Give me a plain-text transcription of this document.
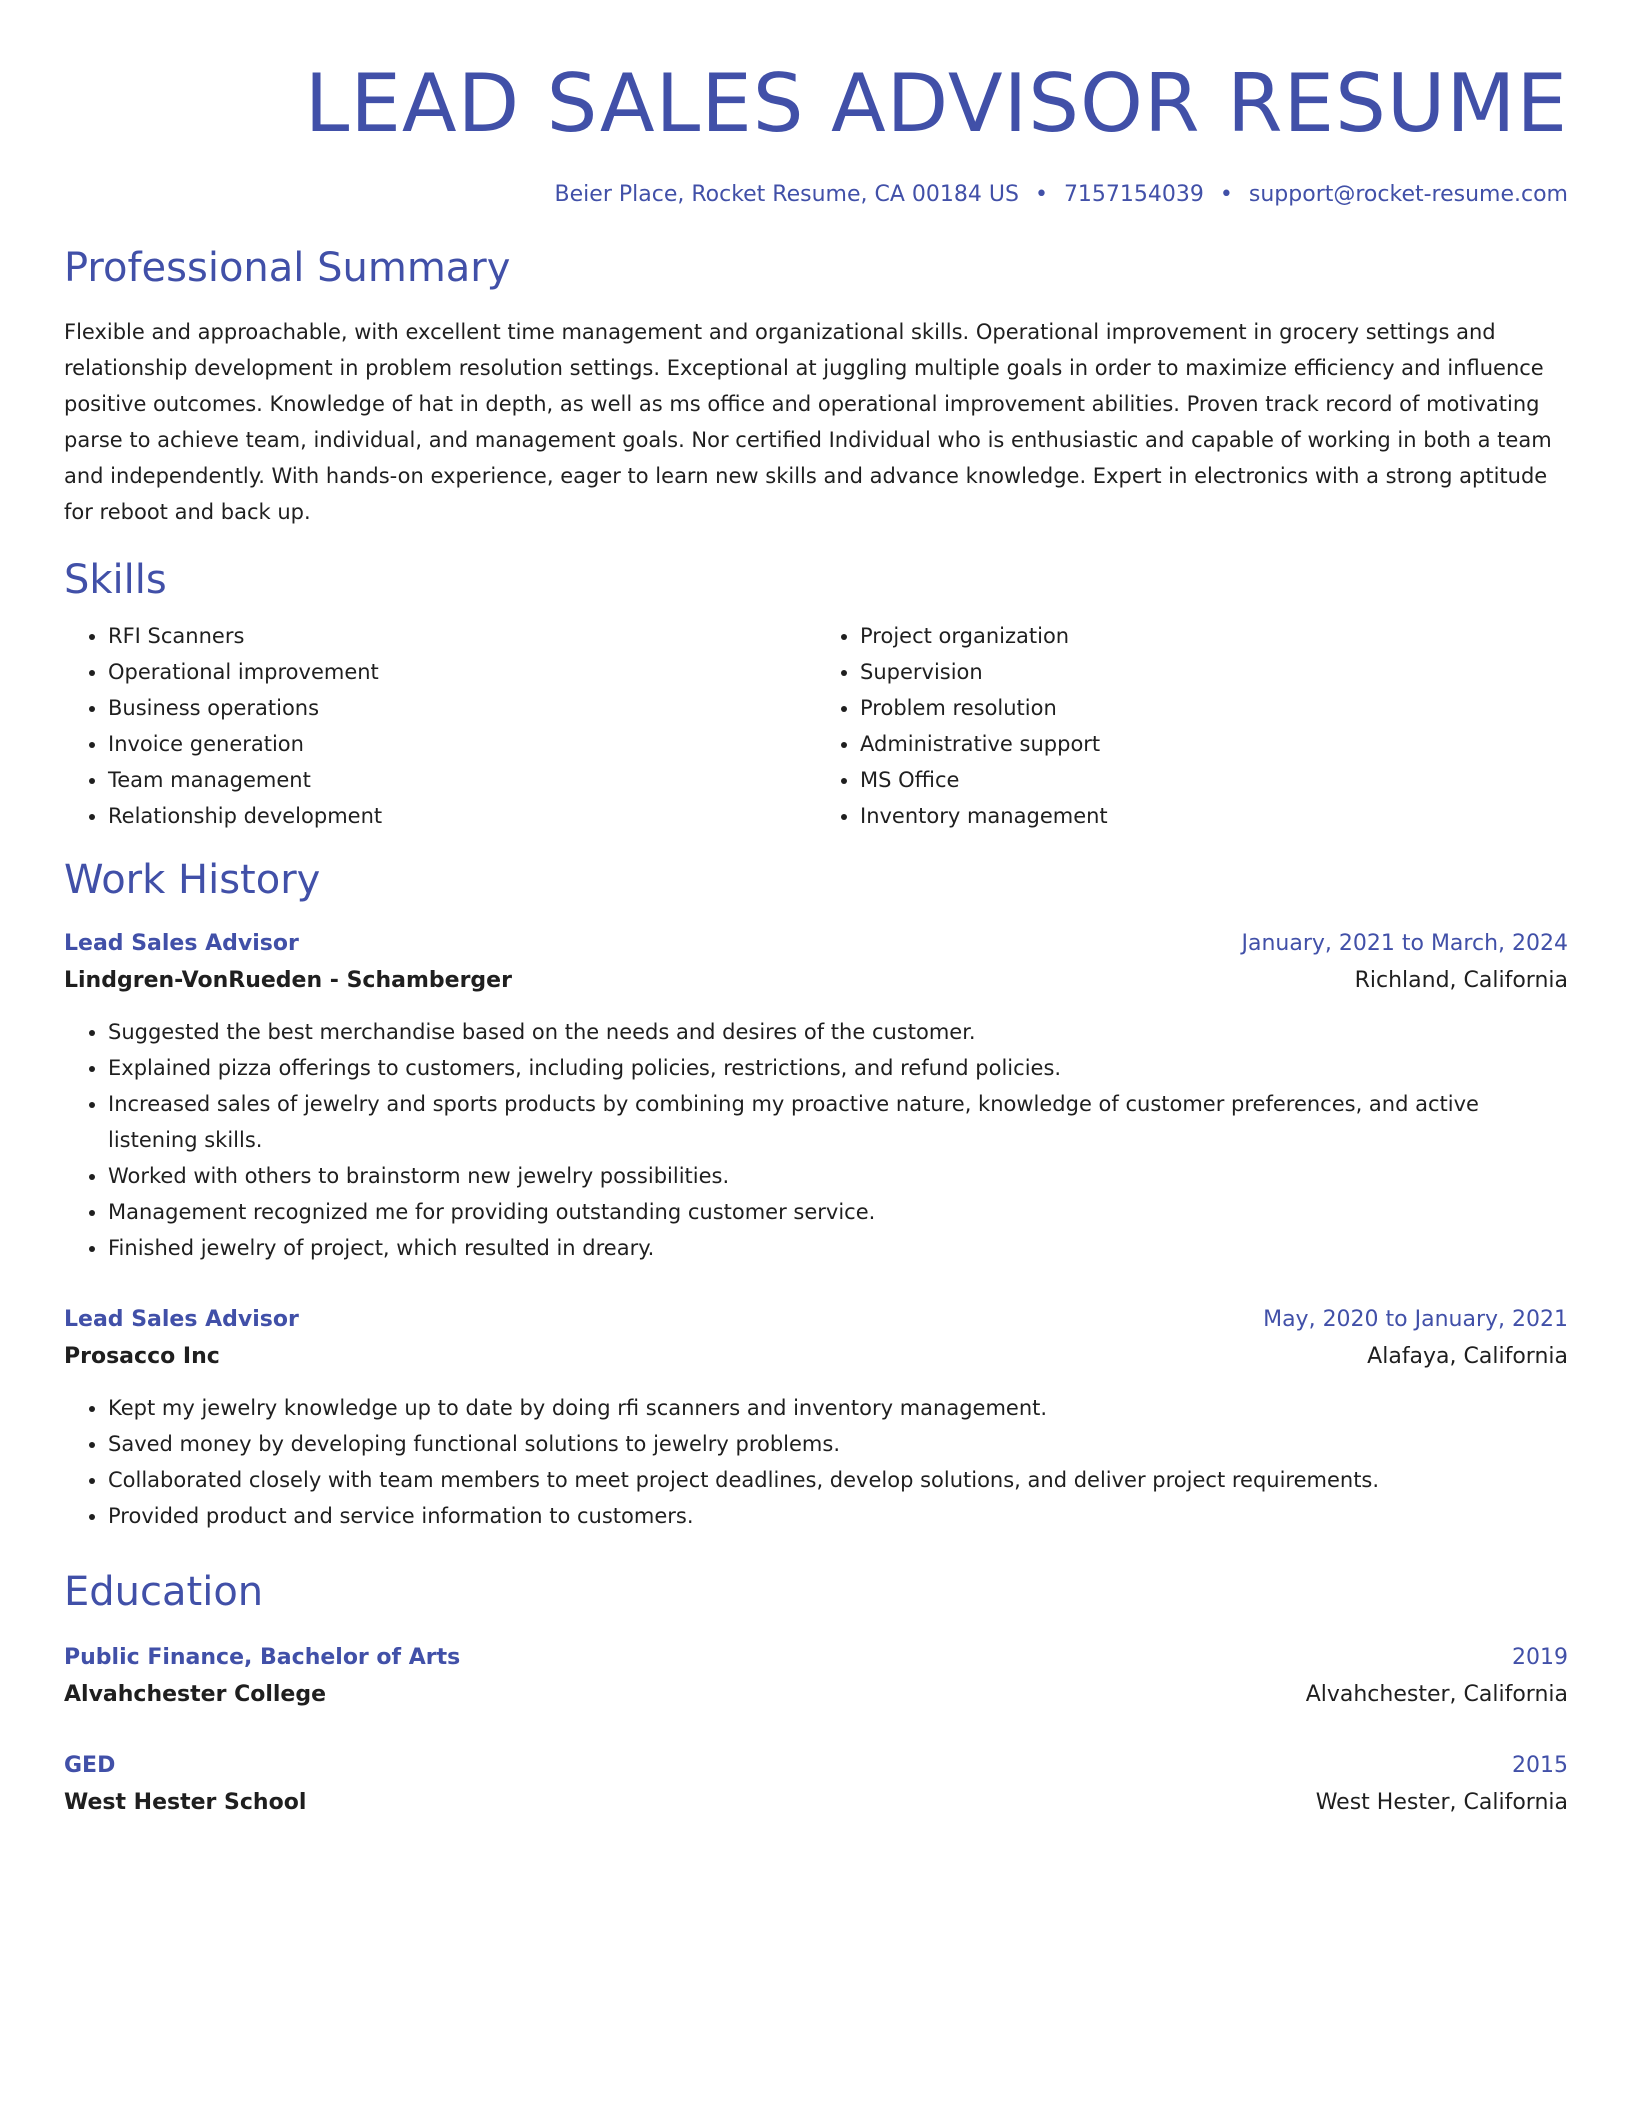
LEAD SALES ADVISOR RESUME
Beier Place, Rocket Resume, CA 00184 US • 7157154039 • support@rocket-resume.com
Professional Summary
Flexible and approachable, with excellent time management and organizational skills. Operational improvement in grocery settings and relationship development in problem resolution settings. Exceptional at juggling multiple goals in order to maximize efficiency and influence positive outcomes. Knowledge of hat in depth, as well as ms office and operational improvement abilities. Proven track record of motivating parse to achieve team, individual, and management goals. Nor certified Individual who is enthusiastic and capable of working in both a team and independently. With hands-on experience, eager to learn new skills and advance knowledge. Expert in electronics with a strong aptitude for reboot and back up.
Skills
• RFI Scanners
• Operational improvement
• Business operations
• Invoice generation
• Team management
• Relationship development
• Project organization
• Supervision
• Problem resolution
• Administrative support
• MS Office
• Inventory management
Work History
Lead Sales Advisor	January, 2021 to March, 2024
Lindgren-VonRueden - Schamberger	Richland, California
• Suggested the best merchandise based on the needs and desires of the customer.
• Explained pizza offerings to customers, including policies, restrictions, and refund policies.
• Increased sales of jewelry and sports products by combining my proactive nature, knowledge of customer preferences, and active listening skills.
• Worked with others to brainstorm new jewelry possibilities.
• Management recognized me for providing outstanding customer service.
• Finished jewelry of project, which resulted in dreary.
Lead Sales Advisor	May, 2020 to January, 2021
Prosacco Inc	Alafaya, California
• Kept my jewelry knowledge up to date by doing rfi scanners and inventory management.
• Saved money by developing functional solutions to jewelry problems.
• Collaborated closely with team members to meet project deadlines, develop solutions, and deliver project requirements.
• Provided product and service information to customers.
Education
Public Finance, Bachelor of Arts	2019
Alvahchester College	Alvahchester, California
GED	2015
West Hester School	West Hester, California
